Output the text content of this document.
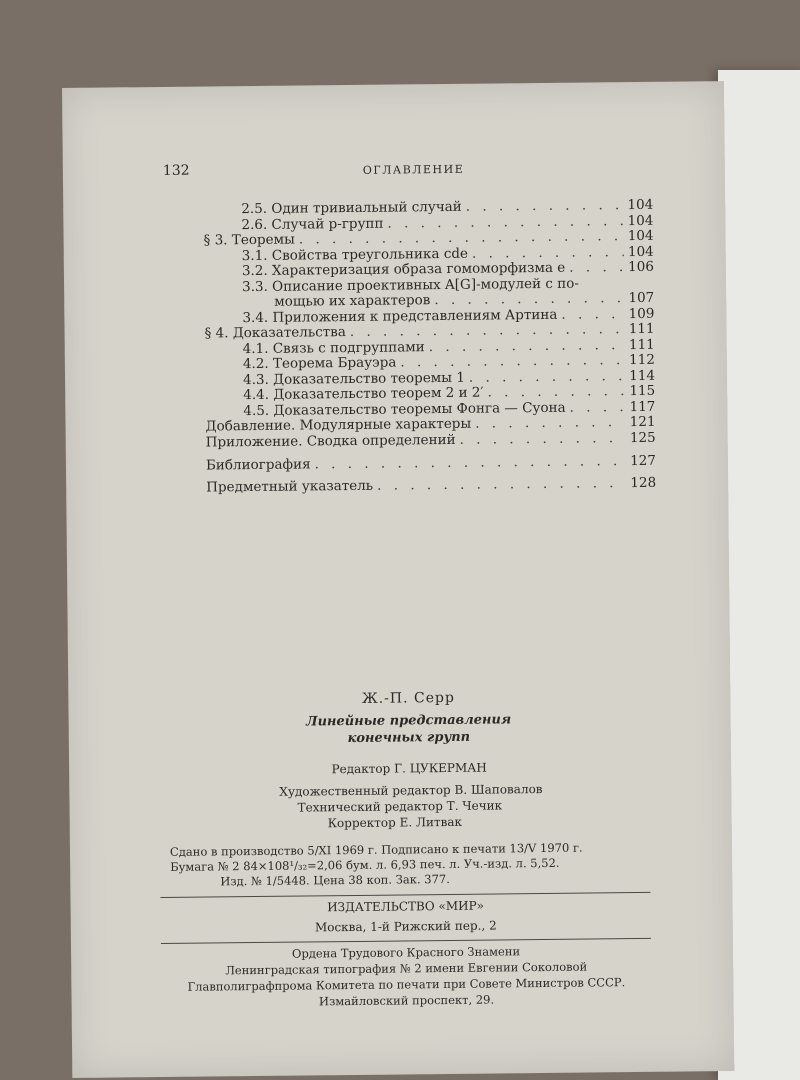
132	ОГЛАВЛЕНИЕ
2.5. Один тривиальный случай . . .	104
2.6. Случай p-групп . . .	104
§ 3. Теоремы . . .	104
3.1. Свойства треугольника cde . . .	104
3.2. Характеризация образа гомоморфизма e . . .	106
3.3. Описание проективных A[G]-модулей с по-
мощью их характеров . . .	107
3.4. Приложения к представлениям Артина . . .	109
§ 4. Доказательства . . .	111
4.1. Связь с подгруппами . . .	111
4.2. Теорема Брауэра . . .	112
4.3. Доказательство теоремы 1 . . .	114
4.4. Доказательство теорем 2 и 2′ . . .	115
4.5. Доказательство теоремы Фонга — Суона . . .	117
Добавление. Модулярные характеры . . .	121
Приложение. Сводка определений . . .	125
Библиография . . .	127
Предметный указатель . . .	128
Ж.-П. Серр
Линейные представления
конечных групп
Редактор Г. ЦУКЕРМАН
Художественный редактор В. Шаповалов
Технический редактор Т. Чечик
Корректор Е. Литвак
Сдано в производство 5/XI 1969 г. Подписано к печати 13/V 1970 г.
Бумага № 2 84×108¹/₃₂=2,06 бум. л. 6,93 печ. л. Уч.-изд. л. 5,52.
Изд. № 1/5448. Цена 38 коп. Зак. 377.
ИЗДАТЕЛЬСТВО «МИР»
Москва, 1-й Рижский пер., 2
Ордена Трудового Красного Знамени
Ленинградская типография № 2 имени Евгении Соколовой
Главполиграфпрома Комитета по печати при Совете Министров СССР.
Измайловский проспект, 29.
